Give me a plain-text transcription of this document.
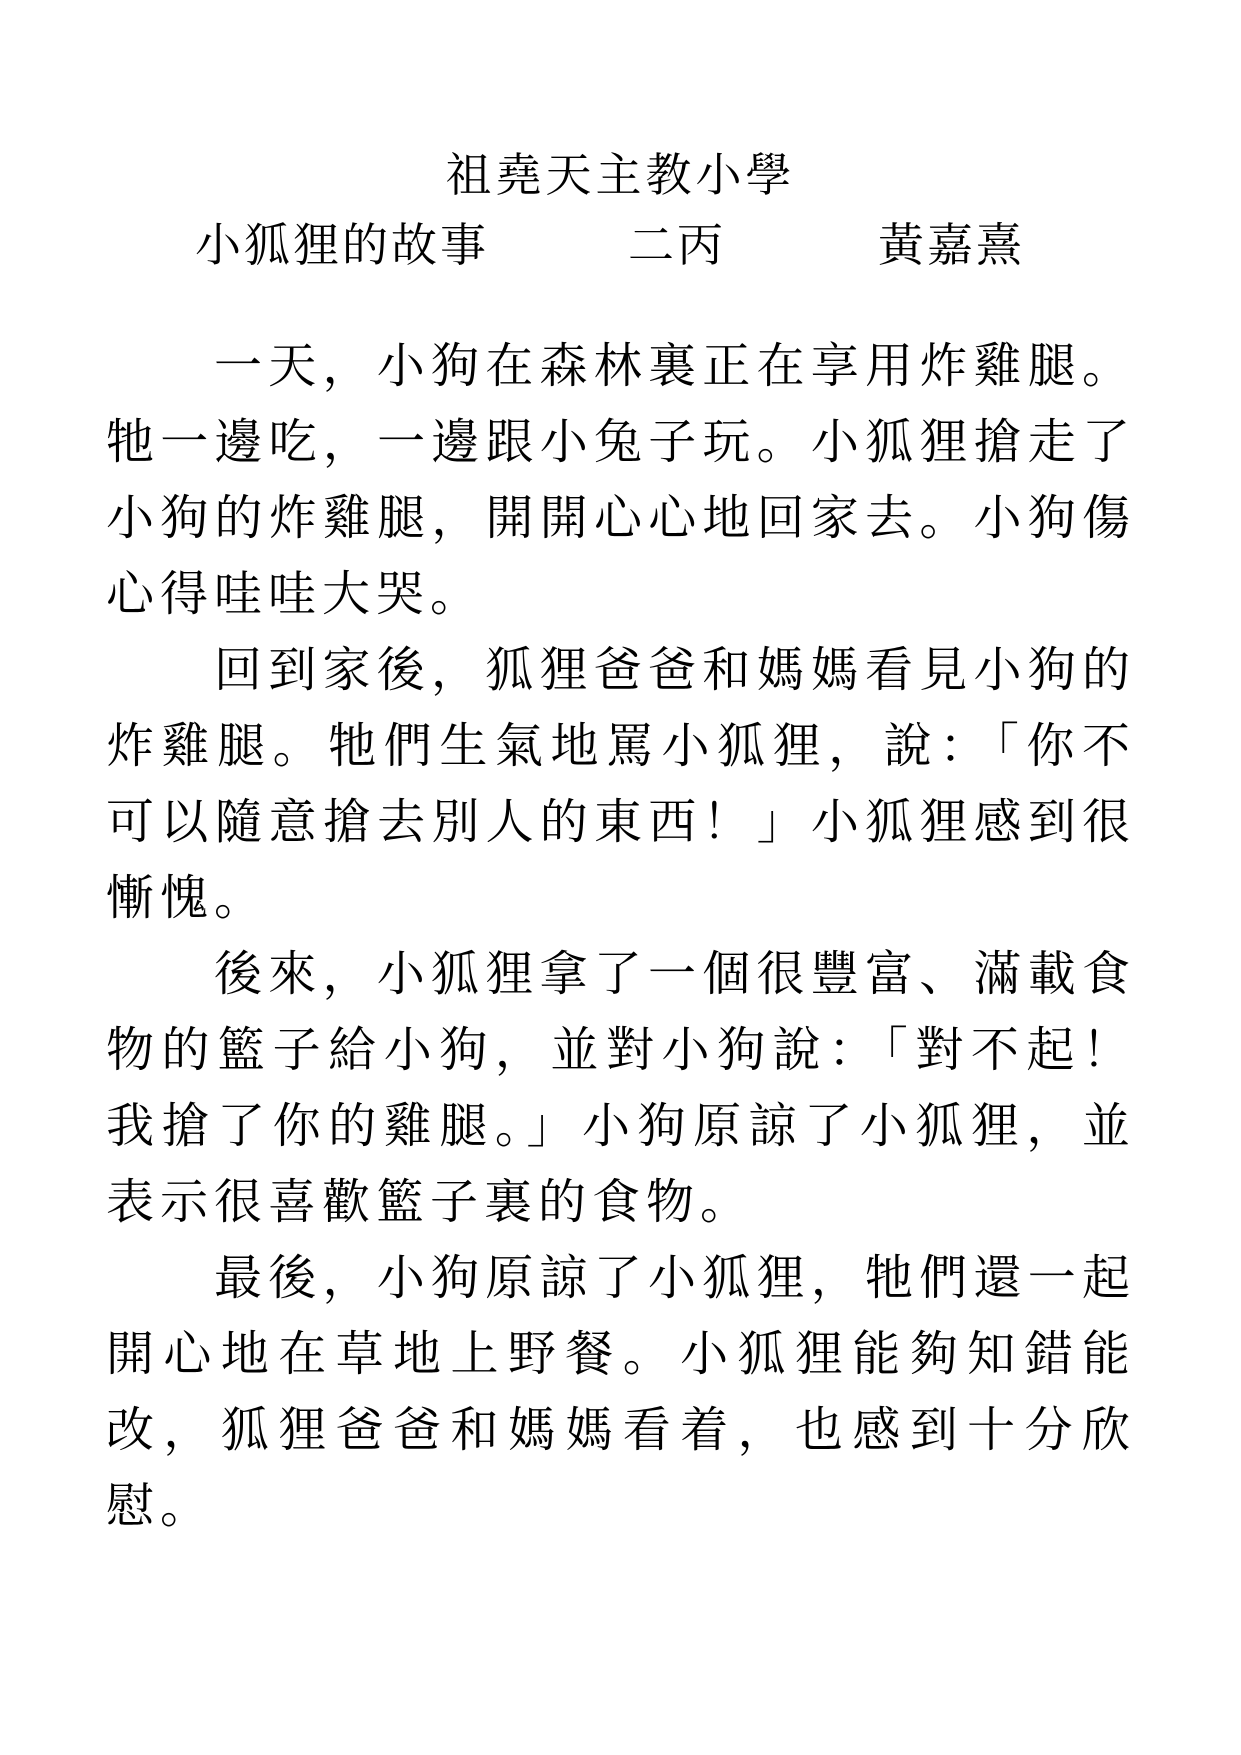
祖堯天主教小學
小狐狸的故事	二丙	黃嘉熹

一天，小狗在森林裏正在享用炸雞腿。牠一邊吃，一邊跟小兔子玩。小狐狸搶走了小狗的炸雞腿，開開心心地回家去。小狗傷心得哇哇大哭。

回到家後，狐狸爸爸和媽媽看見小狗的炸雞腿。牠們生氣地罵小狐狸，說：「你不可以隨意搶去別人的東西！」小狐狸感到很慚愧。

後來，小狐狸拿了一個很豐富、滿載食物的籃子給小狗，並對小狗說：「對不起！我搶了你的雞腿。」小狗原諒了小狐狸，並表示很喜歡籃子裏的食物。

最後，小狗原諒了小狐狸，牠們還一起開心地在草地上野餐。小狐狸能夠知錯能改，狐狸爸爸和媽媽看着，也感到十分欣慰。
